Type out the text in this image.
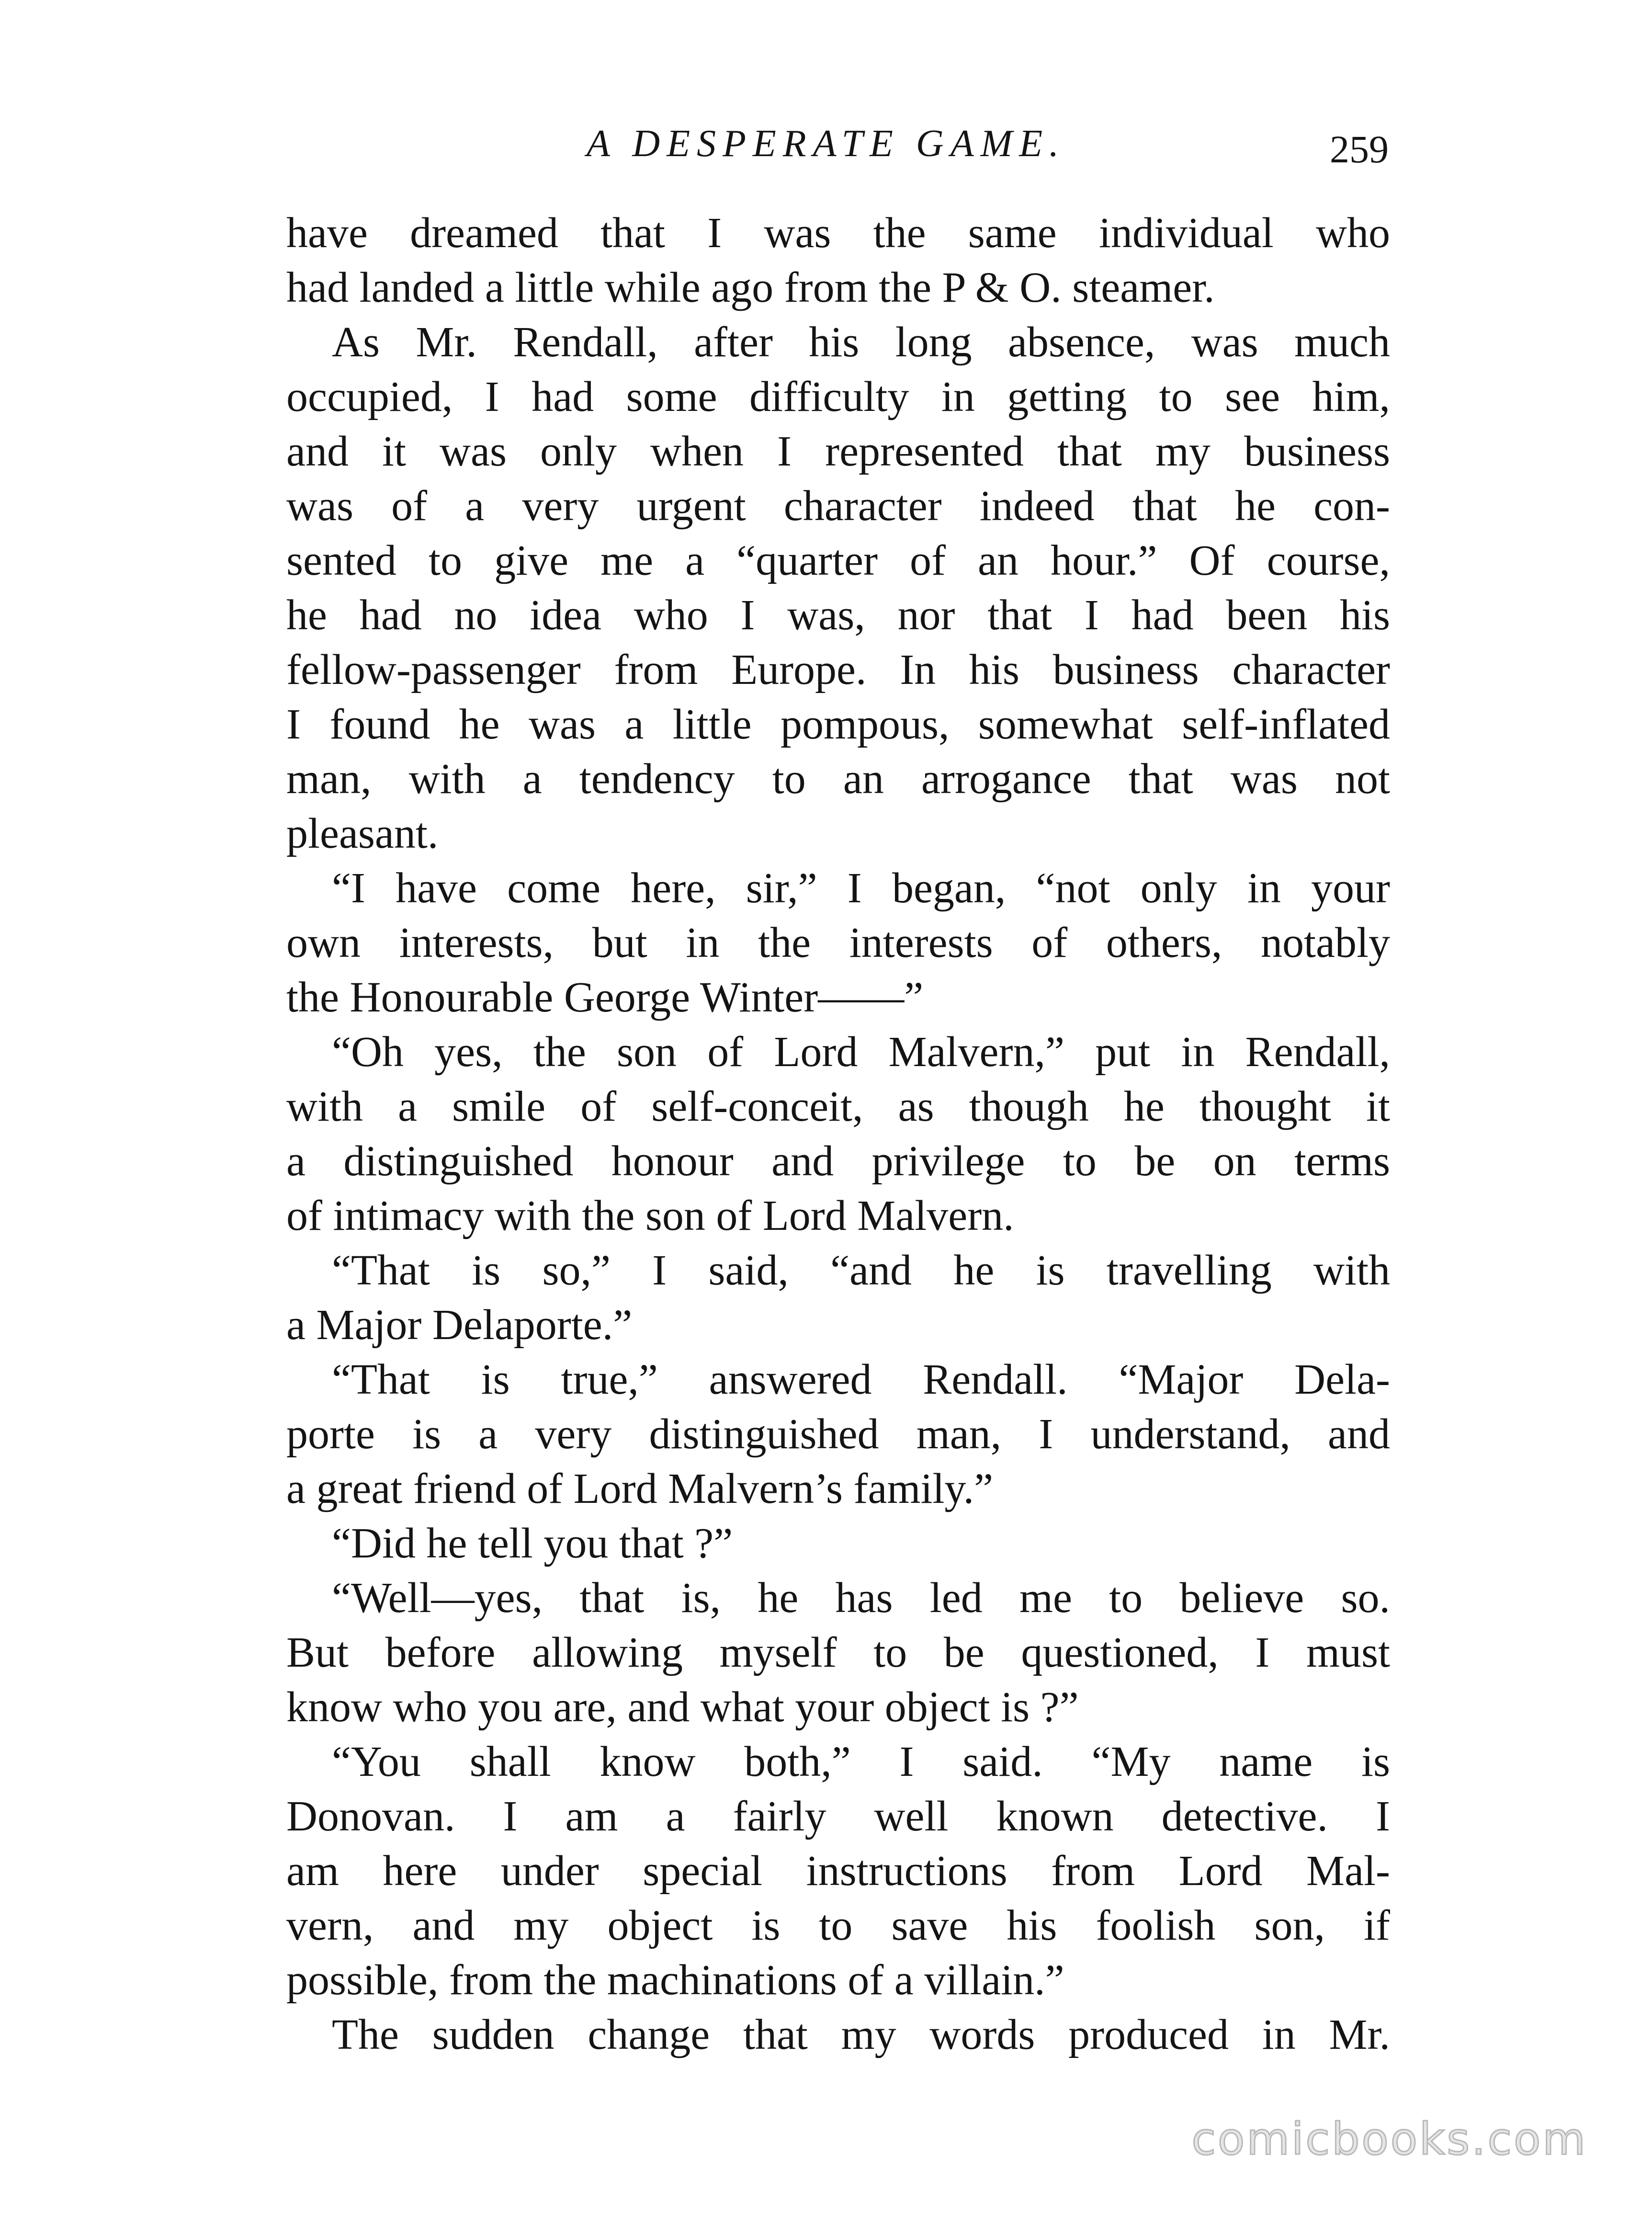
A DESPERATE GAME.	259
have dreamed that I was the same individual who
had landed a little while ago from the P & O. steamer.
As Mr. Rendall, after his long absence, was much
occupied, I had some difficulty in getting to see him,
and it was only when I represented that my business
was of a very urgent character indeed that he con-
sented to give me a “quarter of an hour.” Of course,
he had no idea who I was, nor that I had been his
fellow-passenger from Europe. In his business character
I found he was a little pompous, somewhat self-inflated
man, with a tendency to an arrogance that was not
pleasant.
“I have come here, sir,” I began, “not only in your
own interests, but in the interests of others, notably
the Honourable George Winter——”
“Oh yes, the son of Lord Malvern,” put in Rendall,
with a smile of self-conceit, as though he thought it
a distinguished honour and privilege to be on terms
of intimacy with the son of Lord Malvern.
“That is so,” I said, “and he is travelling with
a Major Delaporte.”
“That is true,” answered Rendall. “Major Dela-
porte is a very distinguished man, I understand, and
a great friend of Lord Malvern’s family.”
“Did he tell you that ?”
“Well—yes, that is, he has led me to believe so.
But before allowing myself to be questioned, I must
know who you are, and what your object is ?”
“You shall know both,” I said. “My name is
Donovan. I am a fairly well known detective. I
am here under special instructions from Lord Mal-
vern, and my object is to save his foolish son, if
possible, from the machinations of a villain.”
The sudden change that my words produced in Mr.
comicbooks.com
